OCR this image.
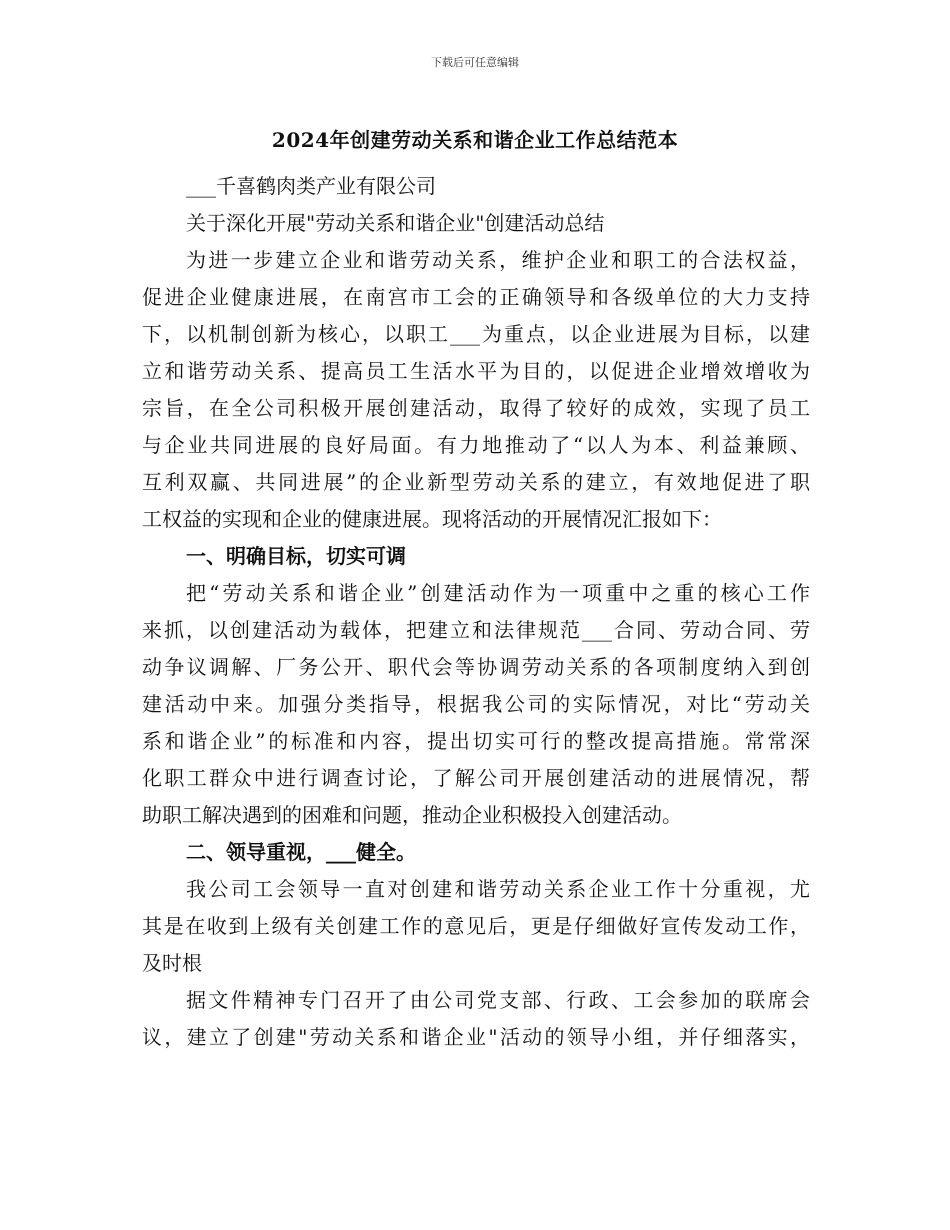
下载后可任意编辑
2024年创建劳动关系和谐企业工作总结范本
___千喜鹤肉类产业有限公司
关于深化开展"劳动关系和谐企业"创建活动总结
为进一步建立企业和谐劳动关系，维护企业和职工的合法权益，
促进企业健康进展，在南宫市工会的正确领导和各级单位的大力支持
下，以机制创新为核心，以职工___为重点，以企业进展为目标，以建
立和谐劳动关系、提高员工生活水平为目的，以促进企业增效增收为
宗旨，在全公司积极开展创建活动，取得了较好的成效，实现了员工
与企业共同进展的良好局面。有力地推动了“以人为本、利益兼顾、
互利双赢、共同进展”的企业新型劳动关系的建立，有效地促进了职
工权益的实现和企业的健康进展。现将活动的开展情况汇报如下：
一、明确目标，切实可调
把“劳动关系和谐企业”创建活动作为一项重中之重的核心工作
来抓，以创建活动为载体，把建立和法律规范___合同、劳动合同、劳
动争议调解、厂务公开、职代会等协调劳动关系的各项制度纳入到创
建活动中来。加强分类指导，根据我公司的实际情况，对比“劳动关
系和谐企业”的标准和内容，提出切实可行的整改提高措施。常常深
化职工群众中进行调查讨论，了解公司开展创建活动的进展情况，帮
助职工解决遇到的困难和问题，推动企业积极投入创建活动。
二、领导重视，___健全。
我公司工会领导一直对创建和谐劳动关系企业工作十分重视，尤
其是在收到上级有关创建工作的意见后，更是仔细做好宣传发动工作，
及时根
据文件精神专门召开了由公司党支部、行政、工会参加的联席会
议，建立了创建"劳动关系和谐企业"活动的领导小组，并仔细落实，
